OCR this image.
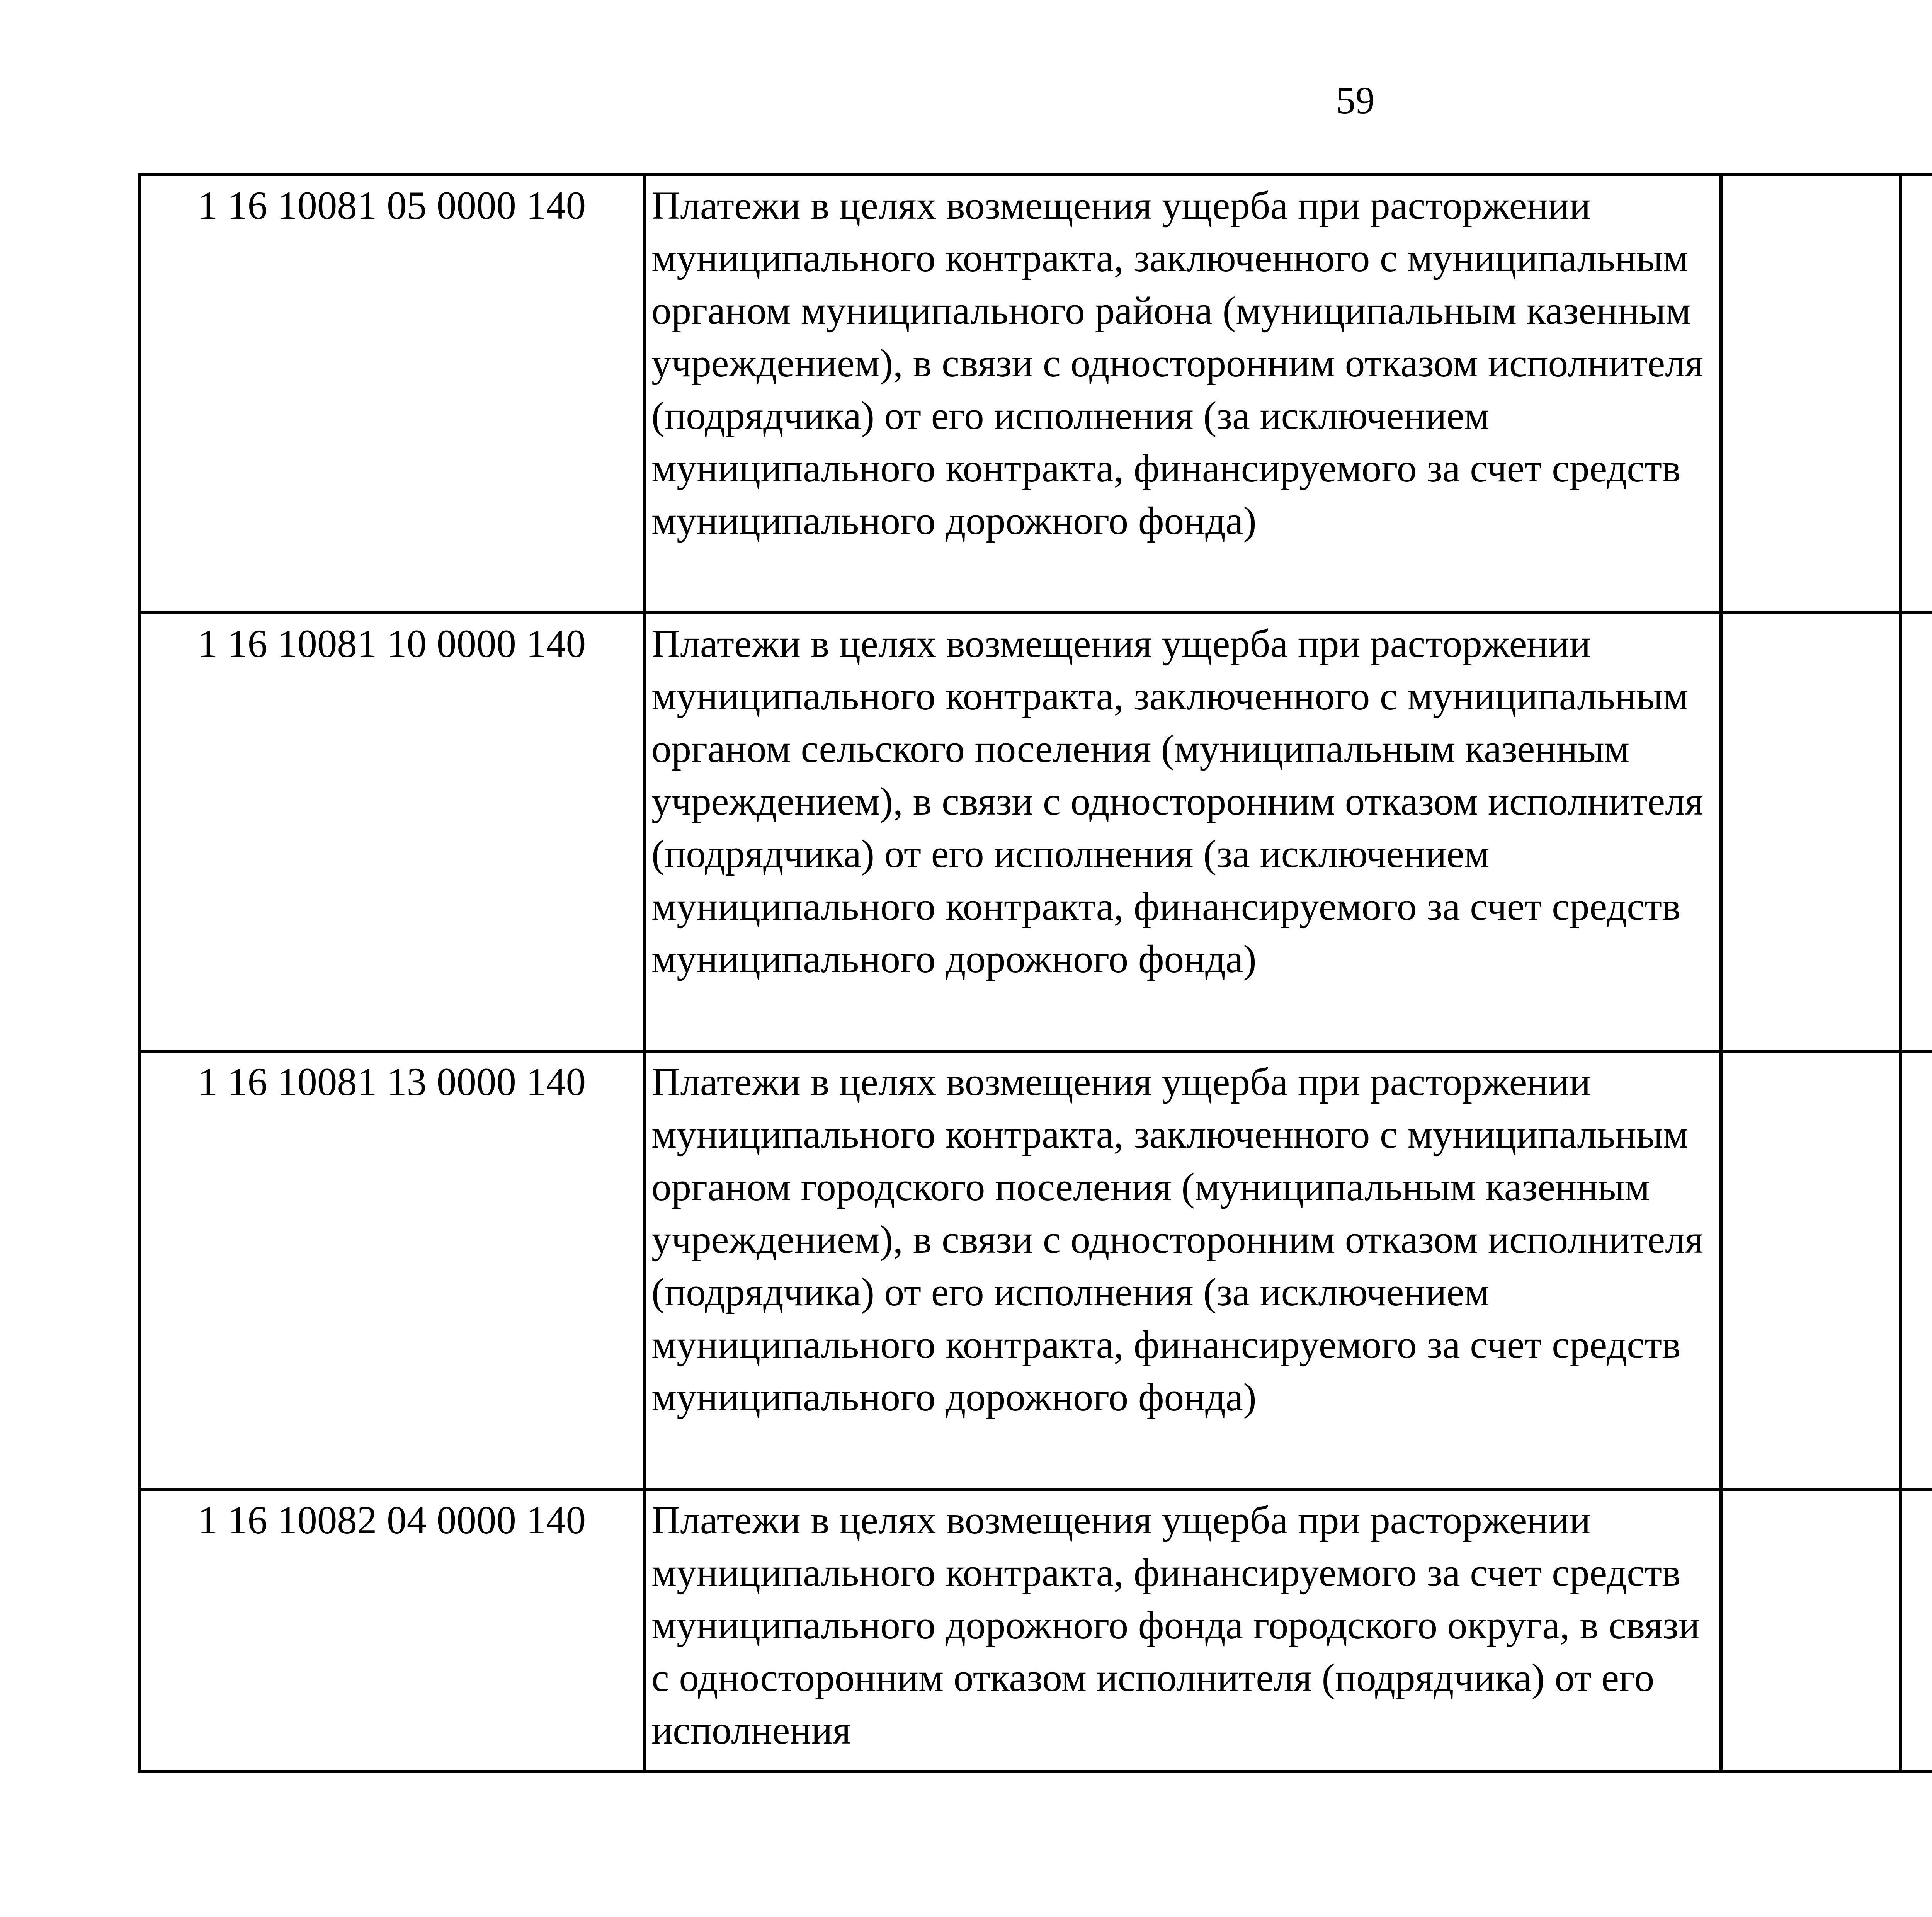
59
1 16 10081 05 0000 140	Платежи в целях возмещения ущерба при расторжении муниципального контракта, заключенного с муниципальным органом муниципального района (муниципальным казенным учреждением), в связи с односторонним отказом исполнителя (подрядчика) от его исполнения (за исключением муниципального контракта, финансируемого за счет средств муниципального дорожного фонда)					
1 16 10081 10 0000 140	Платежи в целях возмещения ущерба при расторжении муниципального контракта, заключенного с муниципальным органом сельского поселения (муниципальным казенным учреждением), в связи с односторонним отказом исполнителя (подрядчика) от его исполнения (за исключением муниципального контракта, финансируемого за счет средств муниципального дорожного фонда)					
1 16 10081 13 0000 140	Платежи в целях возмещения ущерба при расторжении муниципального контракта, заключенного с муниципальным органом городского поселения (муниципальным казенным учреждением), в связи с односторонним отказом исполнителя (подрядчика) от его исполнения (за исключением муниципального контракта, финансируемого за счет средств муниципального дорожного фонда)					
1 16 10082 04 0000 140	Платежи в целях возмещения ущерба при расторжении муниципального контракта, финансируемого за счет средств муниципального дорожного фонда городского округа, в связи с односторонним отказом исполнителя (подрядчика) от его исполнения					
